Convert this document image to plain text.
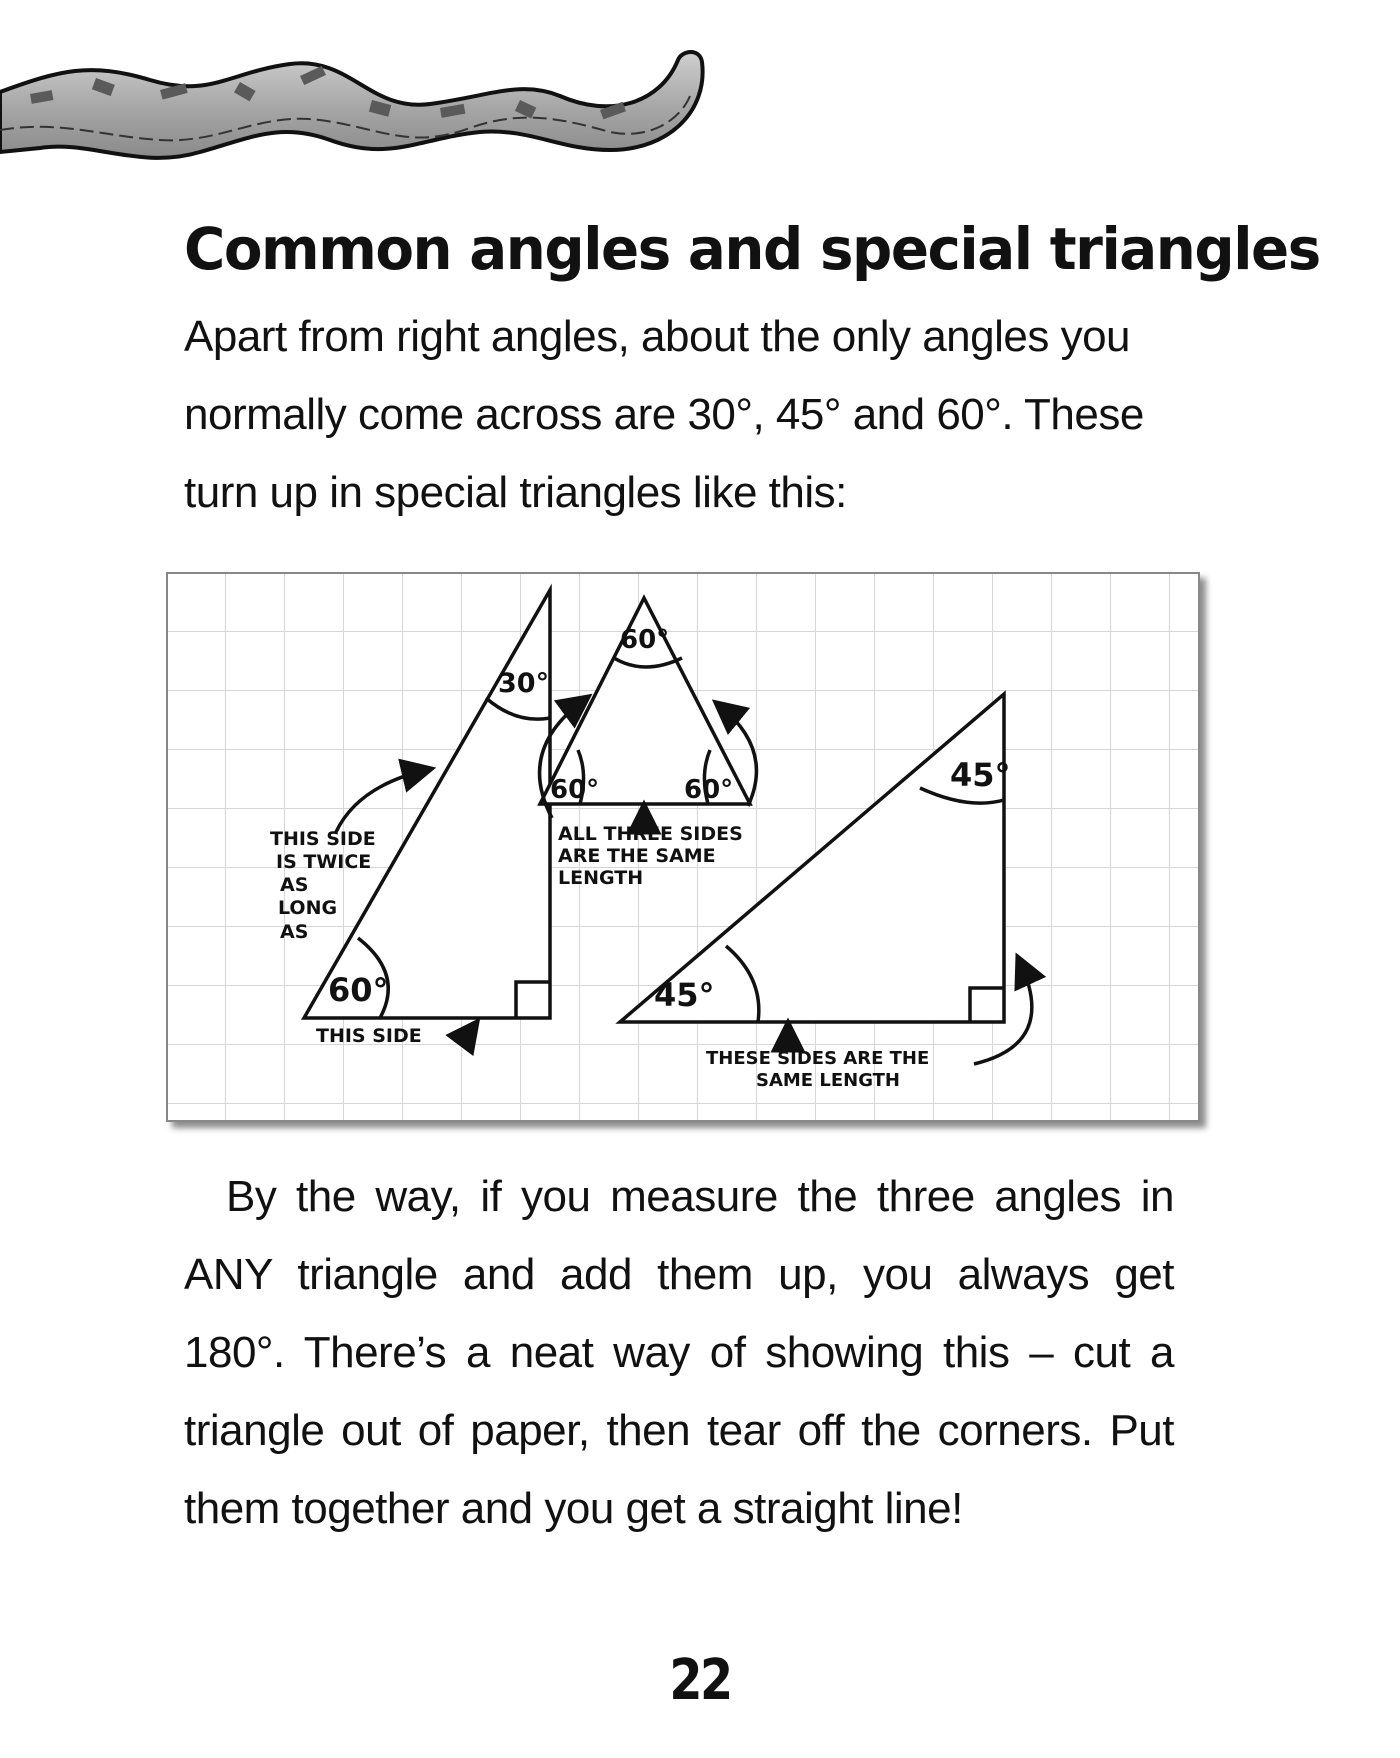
Common angles and special triangles

Apart from right angles, about the only angles you normally come across are 30°, 45° and 60°. These turn up in special triangles like this:

30°
60°
THIS SIDE IS TWICE AS LONG AS
THIS SIDE
60°
60°	60°
ALL THREE SIDES ARE THE SAME LENGTH
45°
45°
THESE SIDES ARE THE SAME LENGTH

By the way, if you measure the three angles in ANY triangle and add them up, you always get 180°. There’s a neat way of showing this – cut a triangle out of paper, then tear off the corners. Put them together and you get a straight line!

22
